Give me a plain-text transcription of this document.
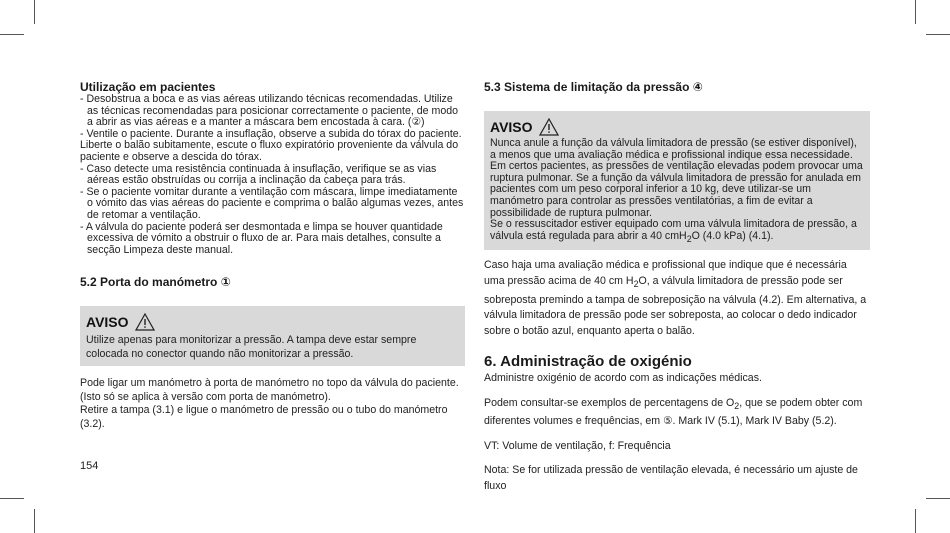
Utilização em pacientes
- Desobstrua a boca e as vias aéreas utilizando técnicas recomendadas. Utilize as técnicas recomendadas para posicionar correctamente o paciente, de modo a abrir as vias aéreas e a manter a máscara bem encostada à cara. (②)
- Ventile o paciente. Durante a insuflação, observe a subida do tórax do paciente.
Liberte o balão subitamente, escute o fluxo expiratório proveniente da válvula do paciente e observe a descida do tórax.
- Caso detecte uma resistência continuada à insuflação, verifique se as vias aéreas estão obstruídas ou corrija a inclinação da cabeça para trás.
- Se o paciente vomitar durante a ventilação com máscara, limpe imediatamente o vómito das vias aéreas do paciente e comprima o balão algumas vezes, antes de retomar a ventilação.
- A válvula do paciente poderá ser desmontada e limpa se houver quantidade excessiva de vómito a obstruir o fluxo de ar. Para mais detalhes, consulte a secção Limpeza deste manual.
5.2 Porta do manómetro ①
AVISO
Utilize apenas para monitorizar a pressão. A tampa deve estar sempre colocada no conector quando não monitorizar a pressão.
Pode ligar um manómetro à porta de manómetro no topo da válvula do paciente.
(Isto só se aplica à versão com porta de manómetro).
Retire a tampa (3.1) e ligue o manómetro de pressão ou o tubo do manómetro (3.2).
154
5.3 Sistema de limitação da pressão ④
AVISO
Nunca anule a função da válvula limitadora de pressão (se estiver disponível), a menos que uma avaliação médica e profissional indique essa necessidade. Em certos pacientes, as pressões de ventilação elevadas podem provocar uma ruptura pulmonar. Se a função da válvula limitadora de pressão for anulada em pacientes com um peso corporal inferior a 10 kg, deve utilizar-se um manómetro para controlar as pressões ventilatórias, a fim de evitar a possibilidade de ruptura pulmonar.
Se o ressuscitador estiver equipado com uma válvula limitadora de pressão, a válvula está regulada para abrir a 40 cmH$_2$O (4.0 kPa) (4.1).
Caso haja uma avaliação médica e profissional que indique que é necessária uma pressão acima de 40 cm $H_2O$, a válvula limitadora de pressão pode ser sobreposta premindo a tampa de sobreposição na válvula (4.2). Em alternativa, a válvula limitadora de pressão pode ser sobreposta, ao colocar o dedo indicador sobre o botão azul, enquanto aperta o balão.
6. Administração de oxigénio
Administre oxigénio de acordo com as indicações médicas.
Podem consultar-se exemplos de percentagens de $O_2$, que se podem obter com diferentes volumes e frequências, em ⑤. Mark IV (5.1), Mark IV Baby (5.2).
VT: Volume de ventilação, f: Frequência
Nota: Se for utilizada pressão de ventilação elevada, é necessário um ajuste de fluxo
